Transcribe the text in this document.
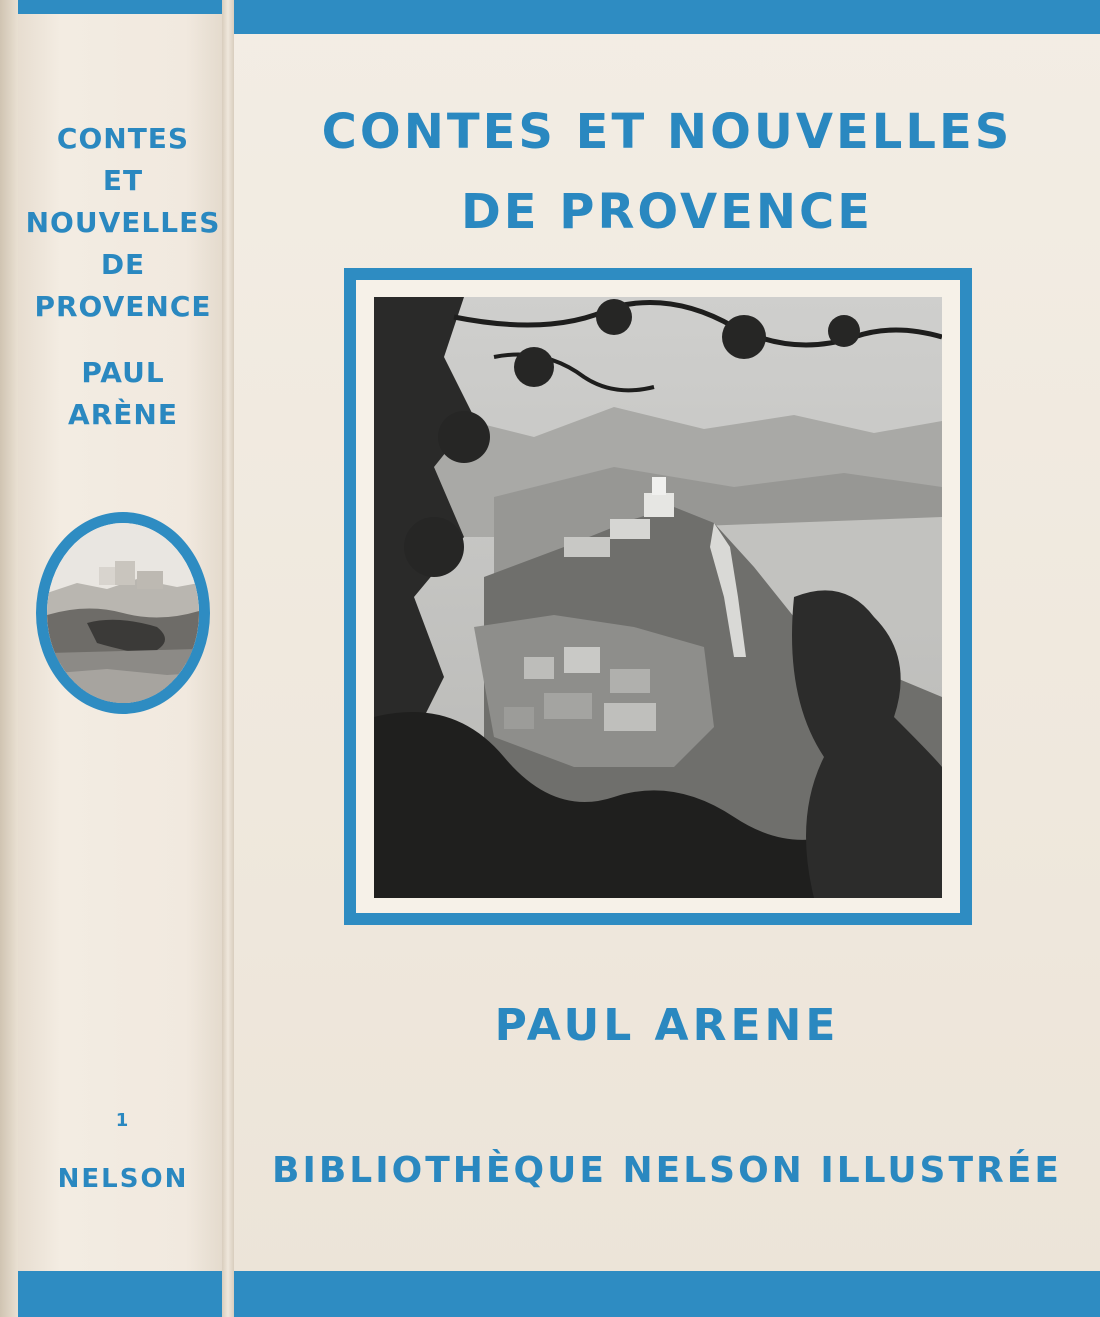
CONTES
ET
NOUVELLES
DE
PROVENCE
PAUL
ARÈNE
1
NELSON
CONTES ET NOUVELLES
DE PROVENCE
PAUL ARENE
BIBLIOTHÈQUE NELSON ILLUSTRÉE
